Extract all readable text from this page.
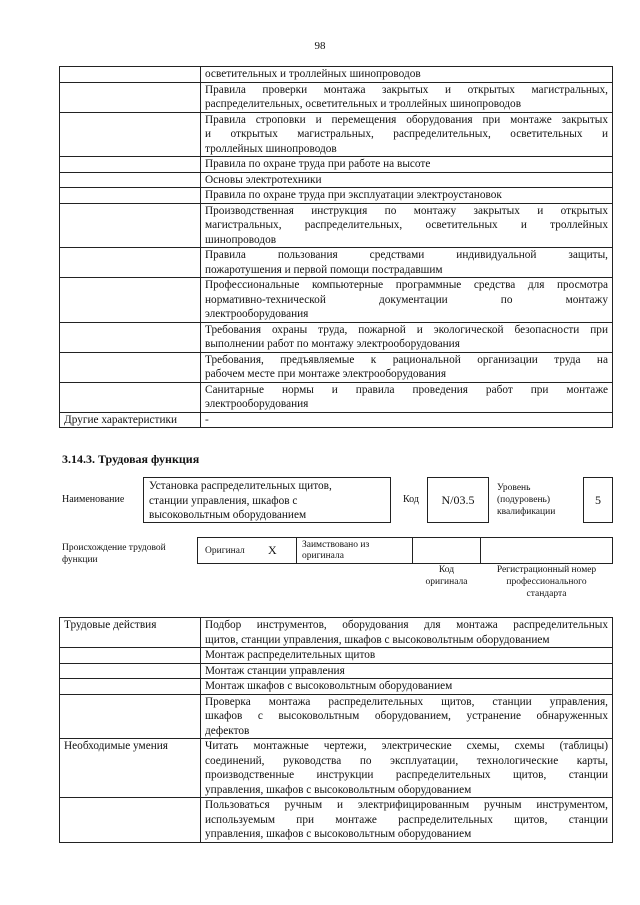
98

	осветительных и троллейных шинопроводов

	Правила проверки монтажа закрытых и открытых магистральных,
распределительных, осветительных и троллейных шинопроводов

	Правила строповки и перемещения оборудования при монтаже закрытых
и открытых магистральных, распределительных, осветительных и
троллейных шинопроводов

	Правила по охране труда при работе на высоте

	Основы электротехники

	Правила по охране труда при эксплуатации электроустановок

	Производственная инструкция по монтажу закрытых и открытых
магистральных, распределительных, осветительных и троллейных
шинопроводов

	Правила пользования средствами индивидуальной защиты,
пожаротушения и первой помощи пострадавшим

	Профессиональные компьютерные программные средства для просмотра
нормативно-технической документации по монтажу
электрооборудования

	Требования охраны труда, пожарной и экологической безопасности при
выполнении работ по монтажу электрооборудования

	Требования, предъявляемые к рациональной организации труда на
рабочем месте при монтаже электрооборудования

	Санитарные нормы и правила проведения работ при монтаже
электрооборудования

Другие характеристики	-
3.14.3. Трудовая функция
Наименование
Установка распределительных щитов,
станции управления, шкафов с
высоковольтным оборудованием
Код	N/03.5
Уровень
(подуровень)
квалификации
5
Происхождение трудовой
функции
Оригинал X	Заимствовано из
оригинала
Код
оригинала
Регистрационный номер
профессионального
стандарта
Трудовые действия	Подбор инструментов, оборудования для монтажа распределительных
щитов, станции управления, шкафов с высоковольтным оборудованием

	Монтаж распределительных щитов

	Монтаж станции управления

	Монтаж шкафов с высоковольтным оборудованием

	Проверка монтажа распределительных щитов, станции управления,
шкафов с высоковольтным оборудованием, устранение обнаруженных
дефектов

Необходимые умения	Читать монтажные чертежи, электрические схемы, схемы (таблицы)
соединений, руководства по эксплуатации, технологические карты,
производственные инструкции распределительных щитов, станции
управления, шкафов с высоковольтным оборудованием

	Пользоваться ручным и электрифицированным ручным инструментом,
используемым при монтаже распределительных щитов, станции
управления, шкафов с высоковольтным оборудованием
